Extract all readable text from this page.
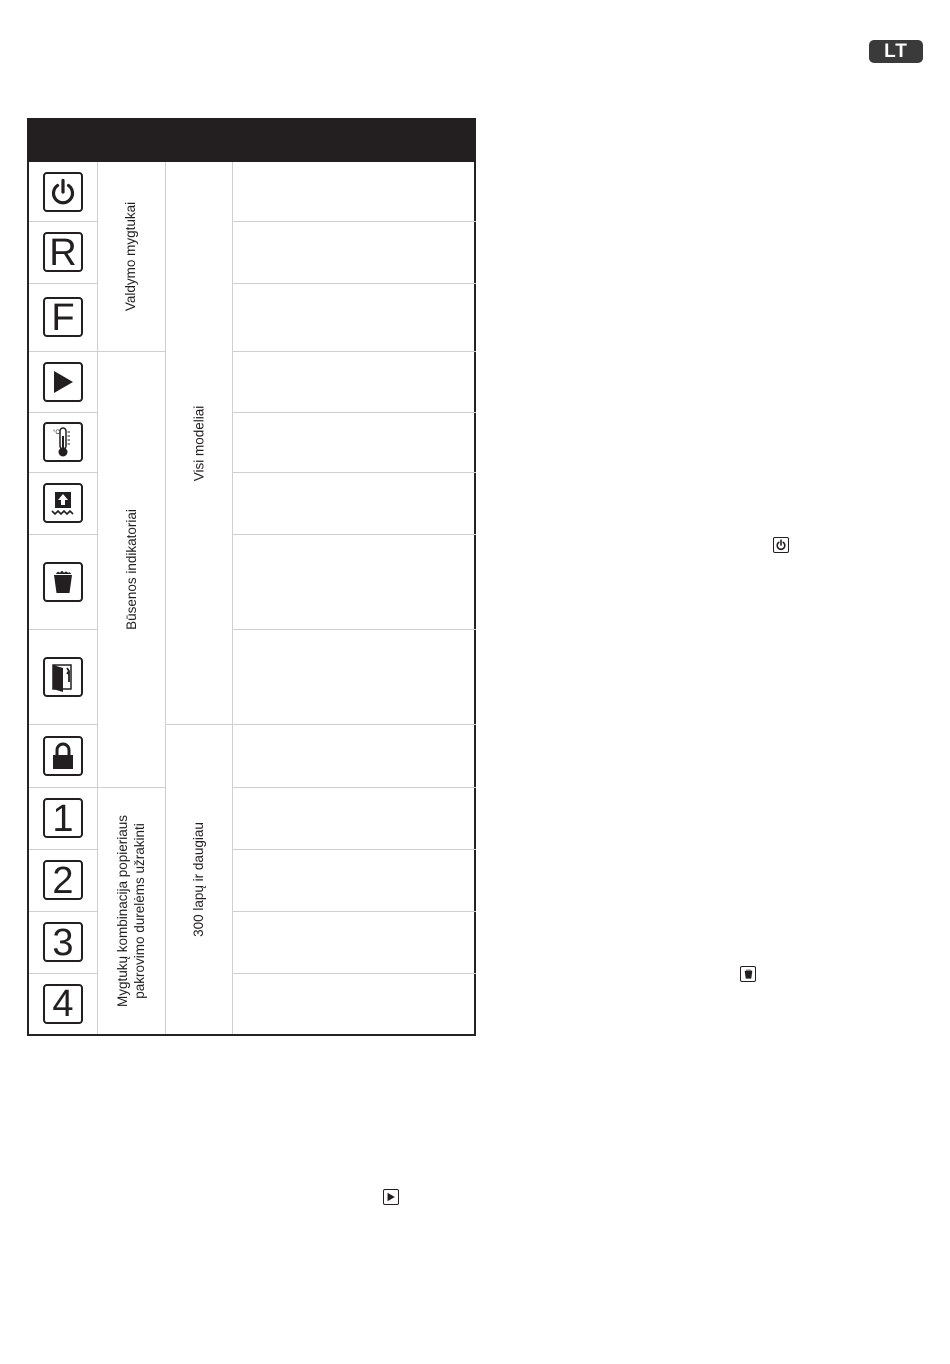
LT
R
F
°C
1
2
3
4
Valdymo mygtukai
Būsenos indikatoriai
Mygtukų kombinacija popieriaus
pakrovimo durelėms užrakinti
Visi modeliai
300 lapų ir daugiau
